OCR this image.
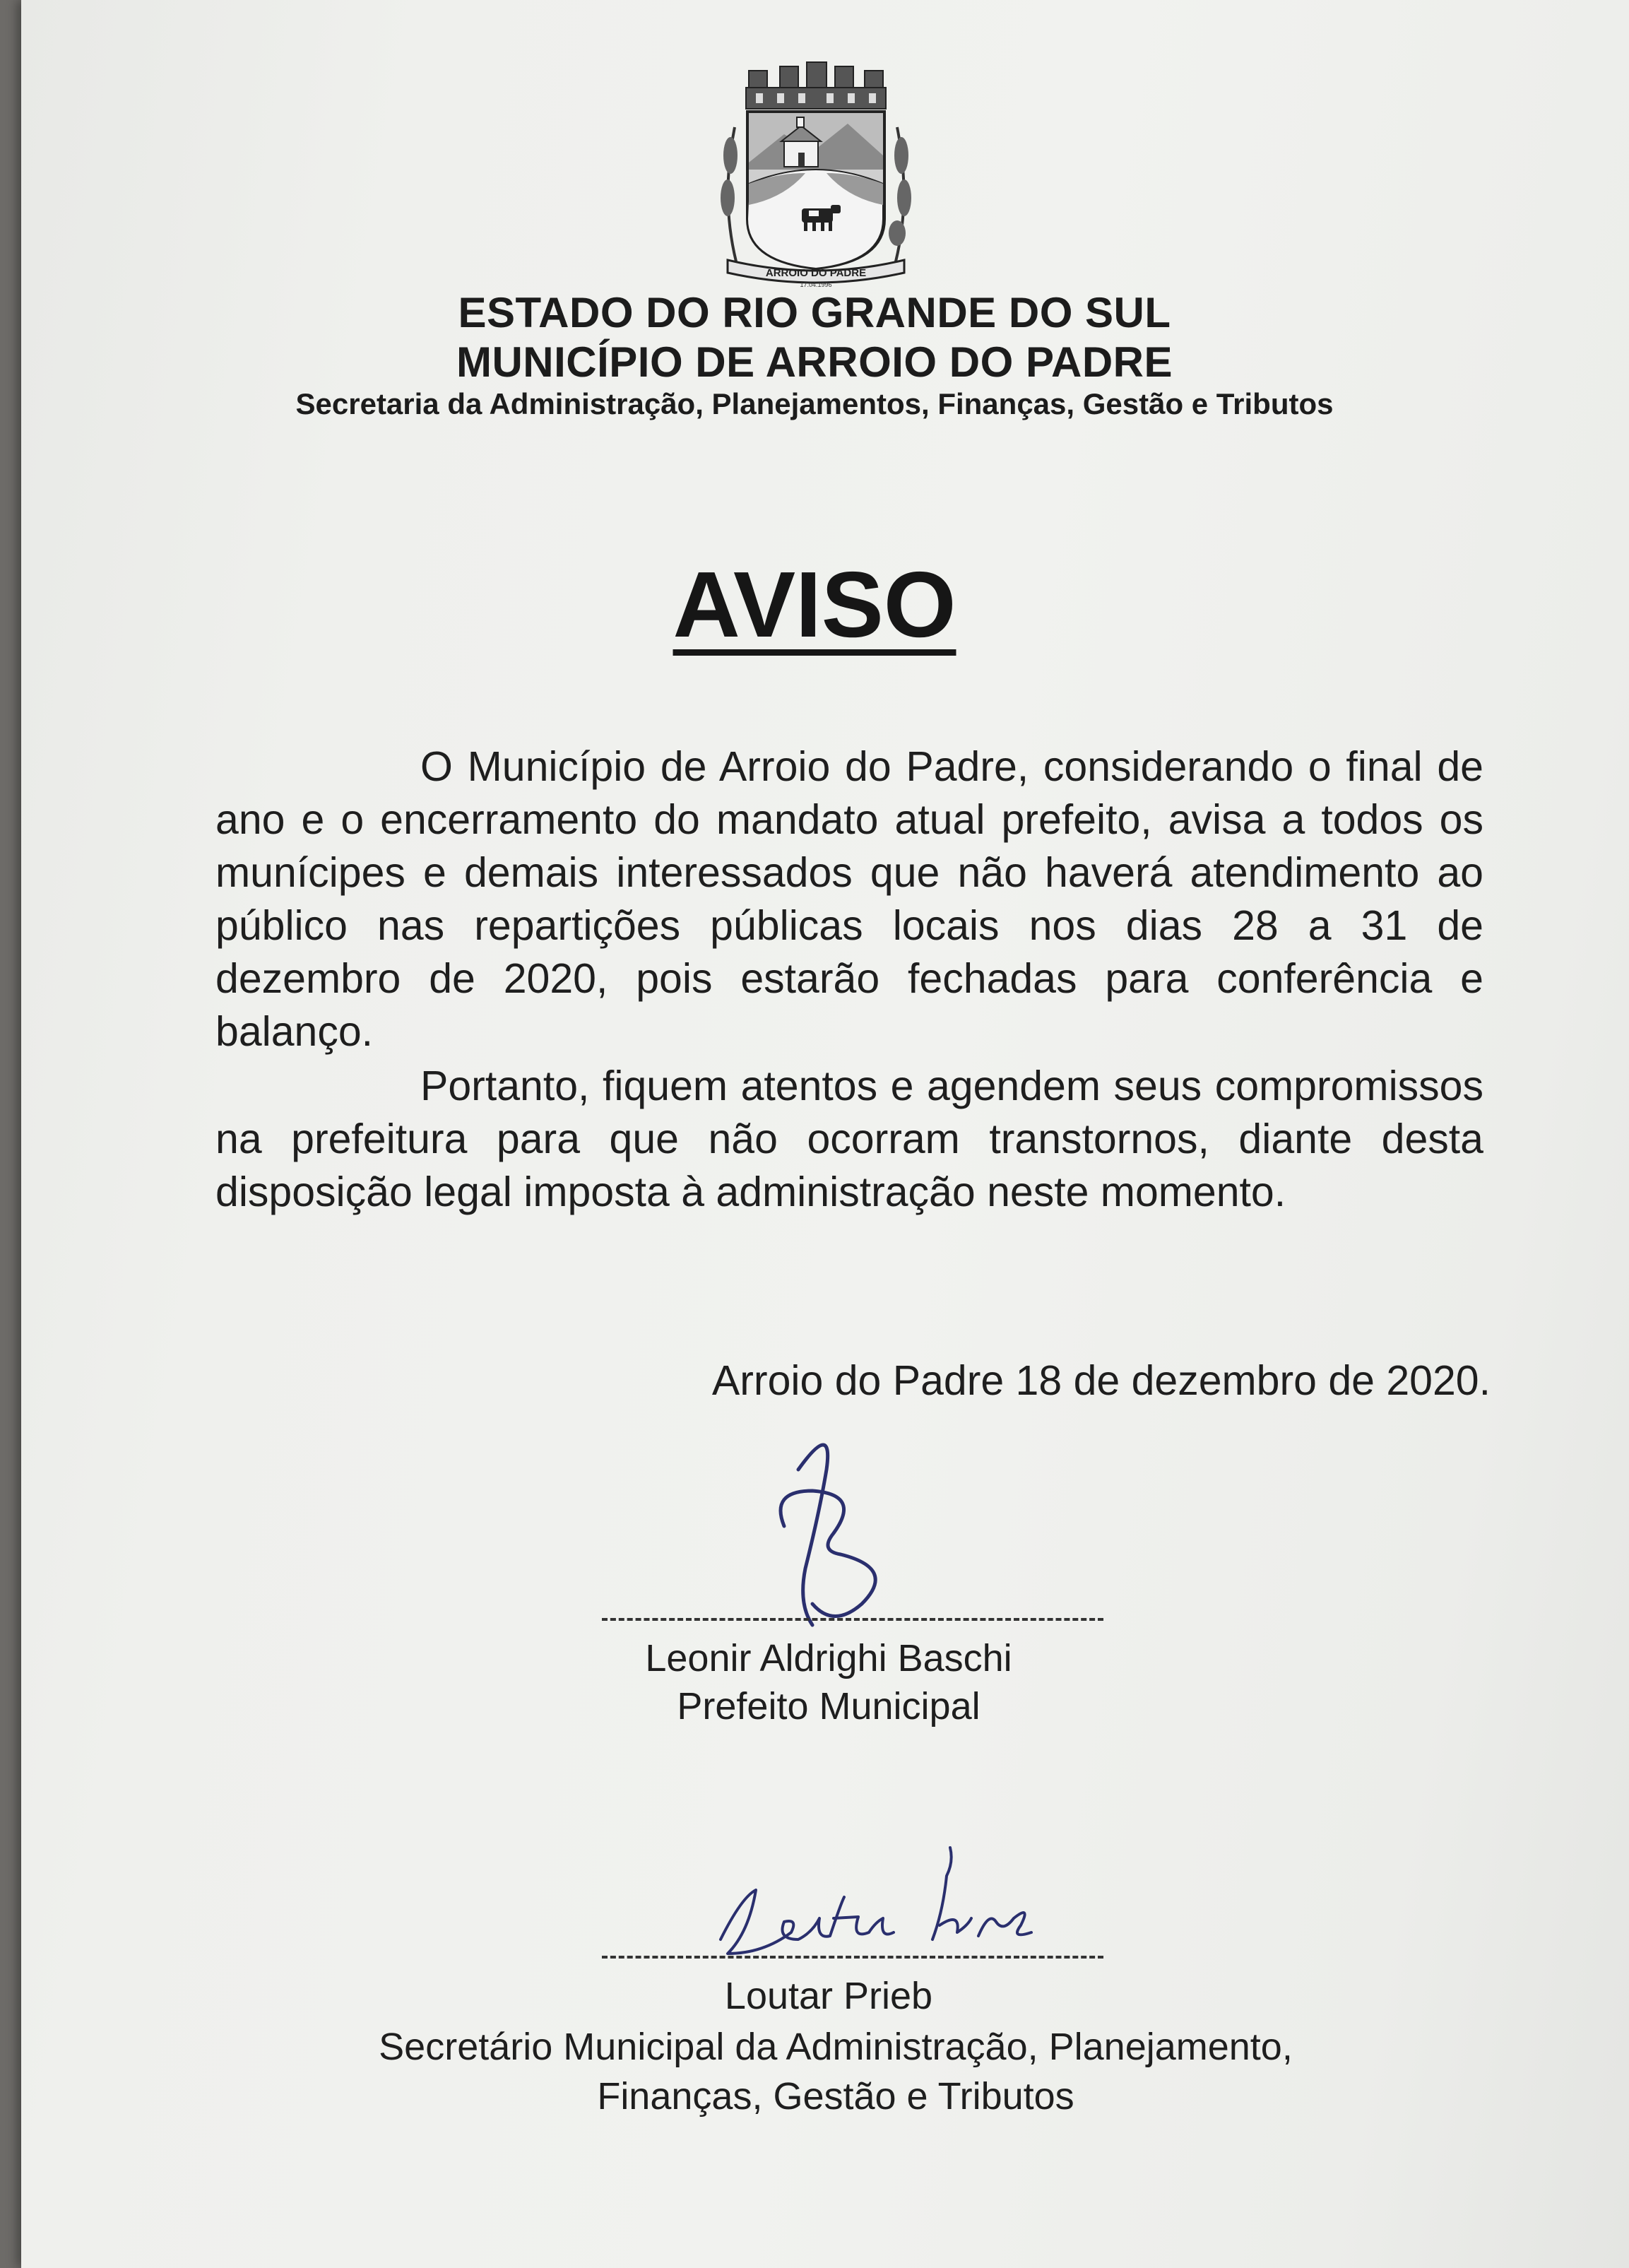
ARROIO DO PADRE
17.04.1996
ESTADO DO RIO GRANDE DO SUL
MUNICÍPIO DE ARROIO DO PADRE
Secretaria da Administração, Planejamentos, Finanças, Gestão e Tributos
AVISO

O Município de Arroio do Padre, considerando o final de ano e o encerramento do mandato atual prefeito, avisa a todos os munícipes e demais interessados que não haverá atendimento ao público nas repartições públicas locais nos dias 28 a 31 de dezembro de 2020, pois estarão fechadas para conferência e balanço.

Portanto, fiquem atentos e agendem seus compromissos na prefeitura para que não ocorram transtornos, diante desta disposição legal imposta à administração neste momento.

Arroio do Padre 18 de dezembro de 2020.
Leonir Aldrighi Baschi
Prefeito Municipal
Loutar Prieb
Secretário Municipal da Administração, Planejamento,
Finanças, Gestão e Tributos
